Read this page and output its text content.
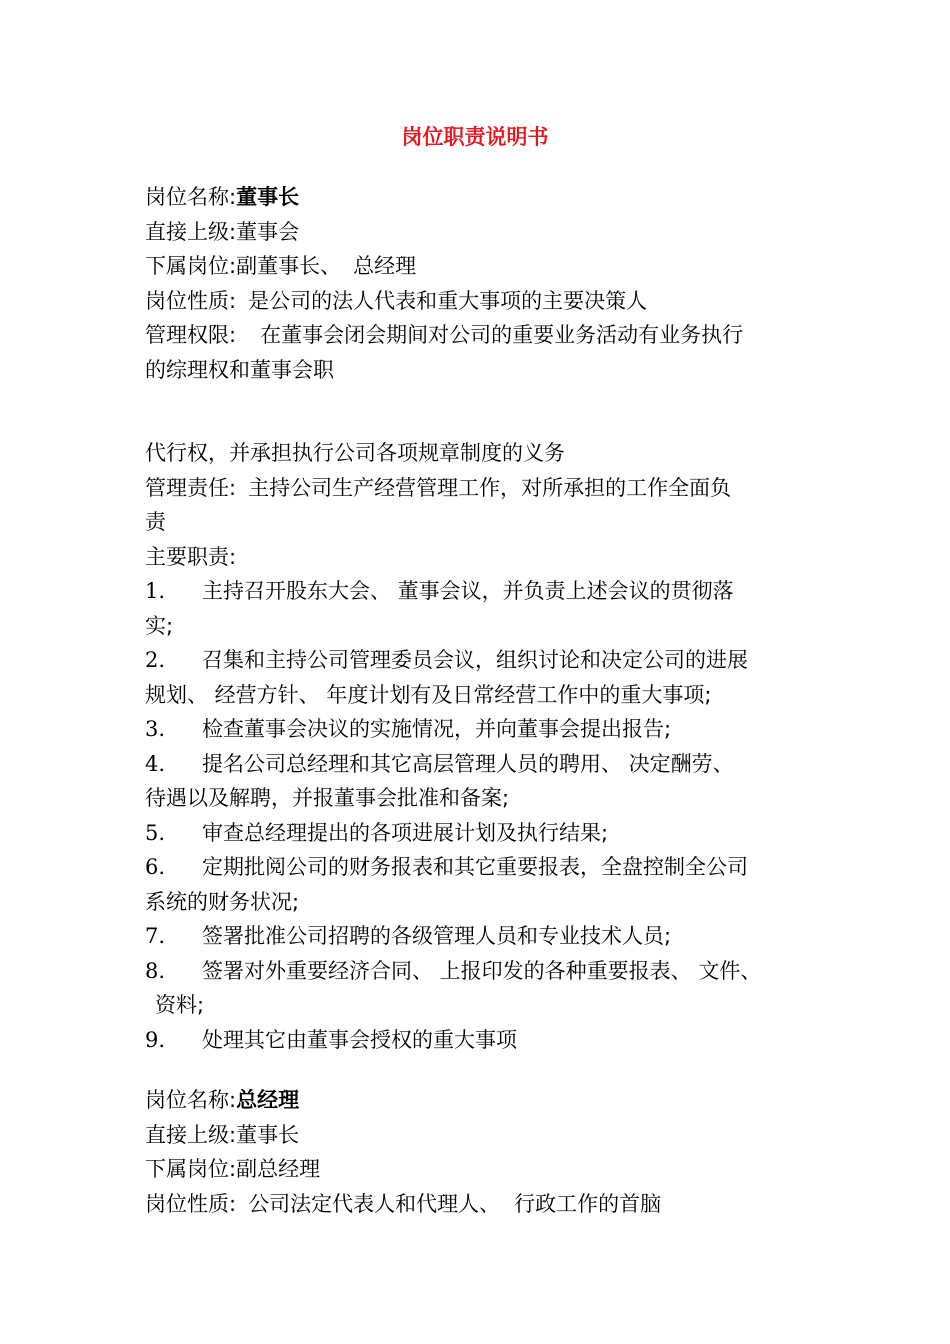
岗位职责说明书
岗位名称:董事长
直接上级:董事会
下属岗位:副董事长、 总经理
岗位性质: 是公司的法人代表和重大事项的主要决策人
管理权限: 在董事会闭会期间对公司的重要业务活动有业务执行
的综理权和董事会职
代行权，并承担执行公司各项规章制度的义务
管理责任: 主持公司生产经营管理工作，对所承担的工作全面负
责
主要职责:
1. 主持召开股东大会、 董事会议，并负责上述会议的贯彻落
实;
2. 召集和主持公司管理委员会议，组织讨论和决定公司的进展
规划、 经营方针、 年度计划有及日常经营工作中的重大事项;
3. 检查董事会决议的实施情况，并向董事会提出报告;
4. 提名公司总经理和其它高层管理人员的聘用、 决定酬劳、
待遇以及解聘，并报董事会批准和备案;
5. 审查总经理提出的各项进展计划及执行结果;
6. 定期批阅公司的财务报表和其它重要报表，全盘控制全公司
系统的财务状况;
7. 签署批准公司招聘的各级管理人员和专业技术人员;
8. 签署对外重要经济合同、 上报印发的各种重要报表、 文件、
资料;
9. 处理其它由董事会授权的重大事项
岗位名称:总经理
直接上级:董事长
下属岗位:副总经理
岗位性质: 公司法定代表人和代理人、 行政工作的首脑
